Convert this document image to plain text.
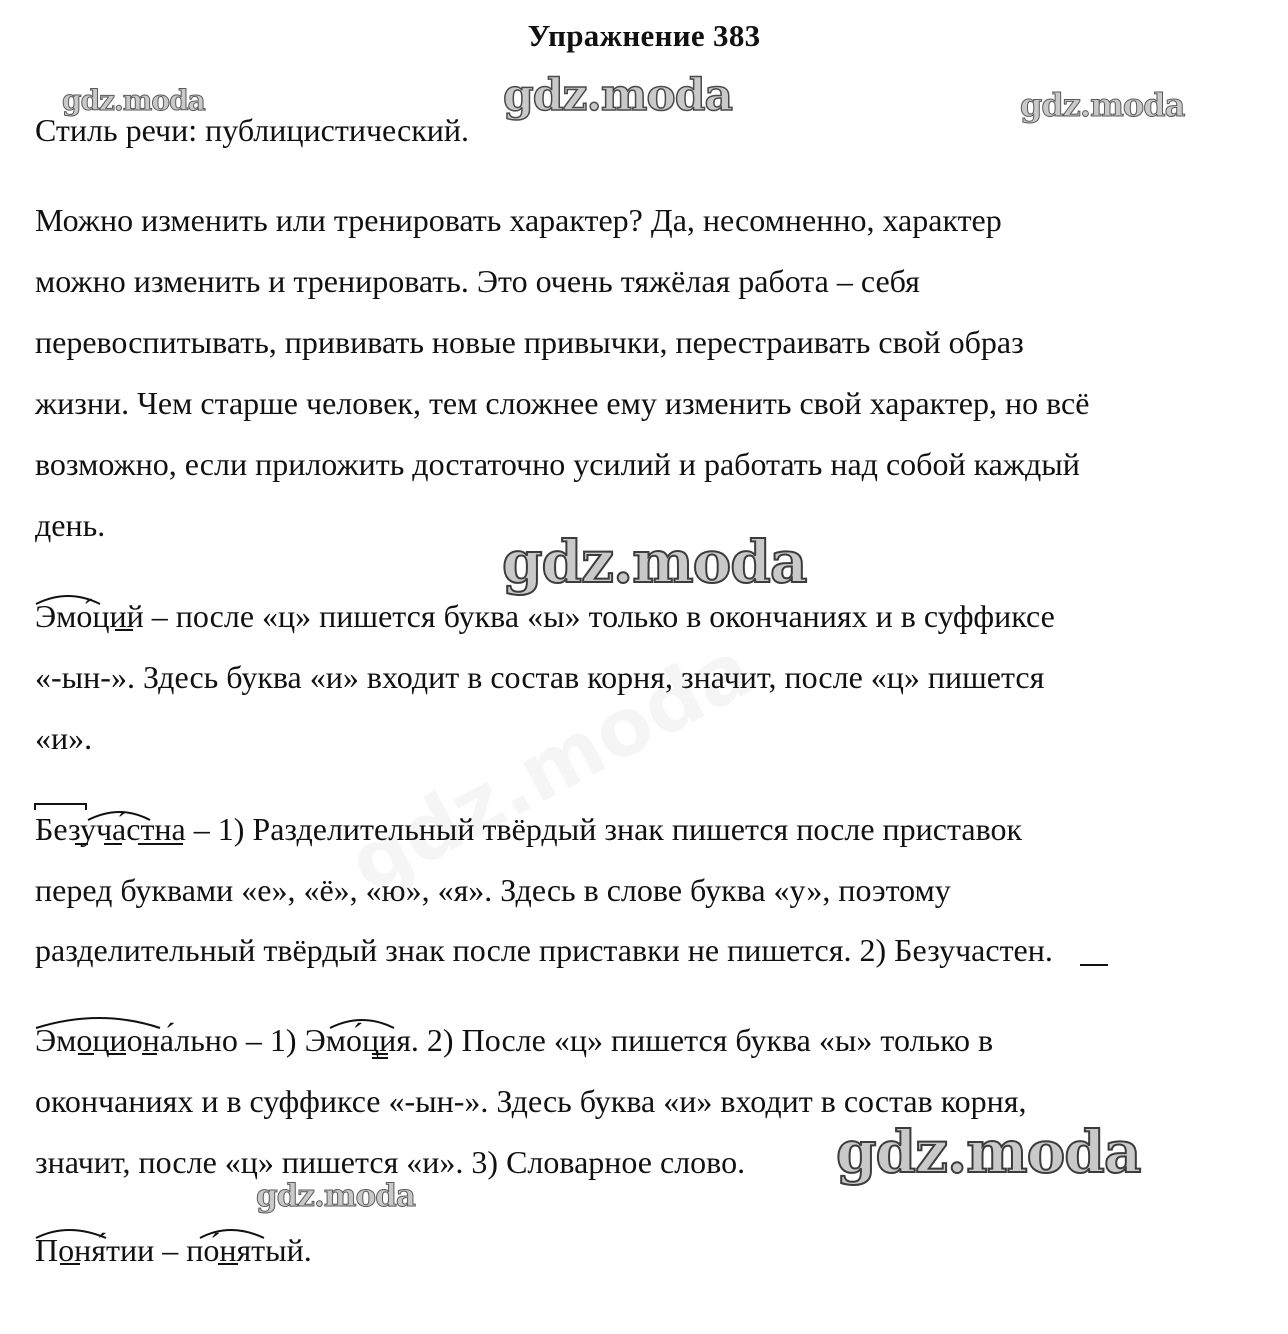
Упражнение 383
gdz.moda	gdz.moda	gdz.moda

Стиль речи: публицистический.

Можно изменить или тренировать характер? Да, несомненно, характер

можно изменить и тренировать. Это очень тяжёлая работа – себя

перевоспитывать, прививать новые привычки, перестраивать свой образ

жизни. Чем старше человек, тем сложнее ему изменить свой характер, но всё

возможно, если приложить достаточно усилий и работать над собой каждый

день.

gdz.moda

Эмо́ций – после «ц» пишется буква «ы» только в окончаниях и в суффиксе

«-ын-». Здесь буква «и» входит в состав корня, значит, после «ц» пишется

«и».

Безуча́стна – 1) Разделительный твёрдый знак пишется после приставок

перед буквами «е», «ё», «ю», «я». Здесь в слове буква «у», поэтому

разделительный твёрдый знак после приставки не пишется. 2) Безучастен.

Эмоциона́льно – 1) Эмо́ция. 2) После «ц» пишется буква «ы» только в

окончаниях и в суффиксе «-ын-». Здесь буква «и» входит в состав корня,

значит, после «ц» пишется «и». 3) Словарное слово.	gdz.moda
gdz.moda

Поня́тии – по́нятый.
